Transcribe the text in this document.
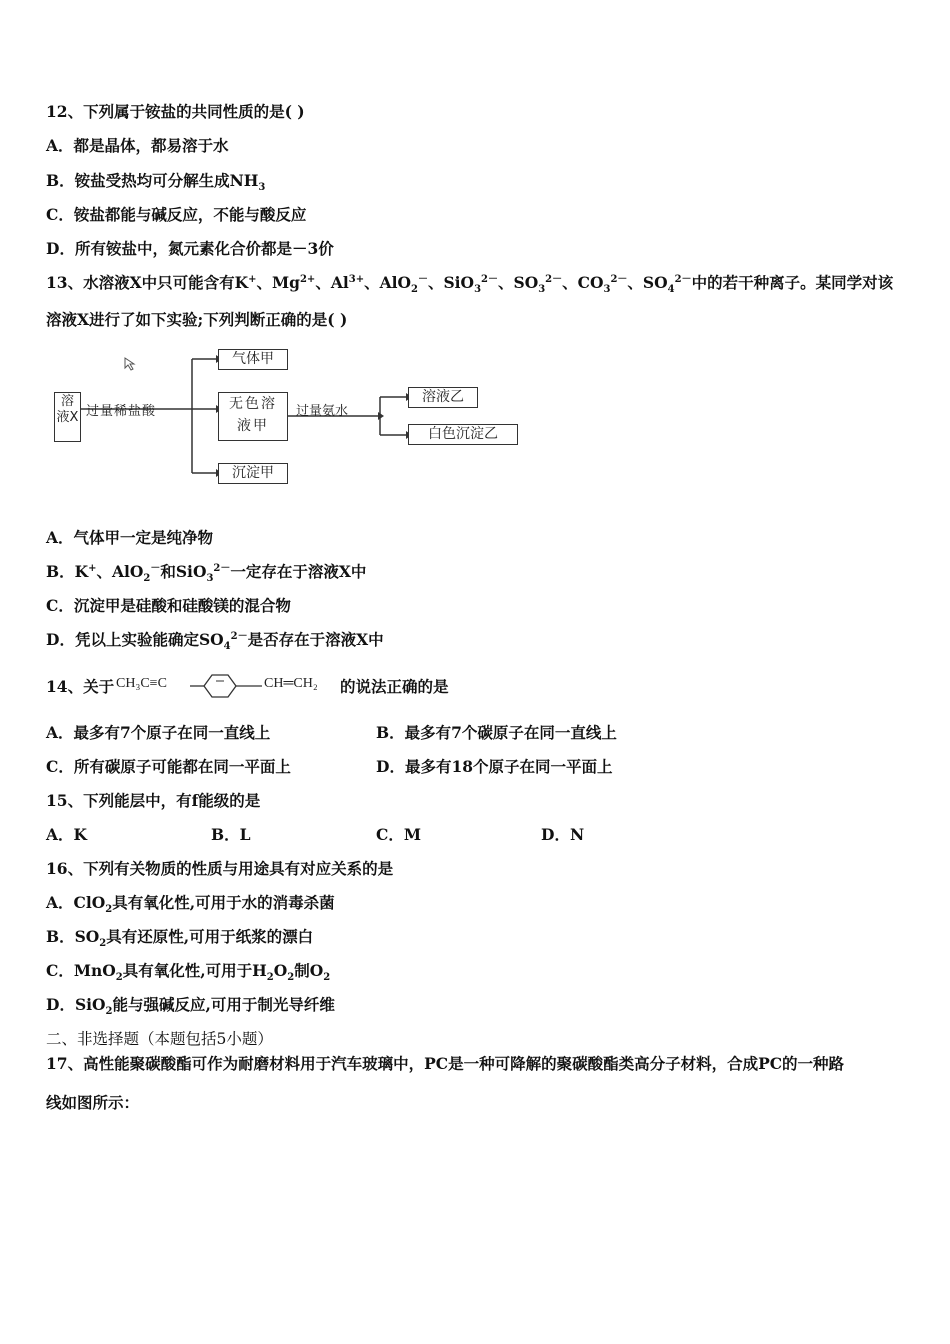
12、下列属于铵盐的共同性质的是( )
A．都是晶体，都易溶于水
B．铵盐受热均可分解生成$NH_3$
C．铵盐都能与碱反应，不能与酸反应
D．所有铵盐中，氮元素化合价都是－3价
13、水溶液X中只可能含有K+、$Mg^{2+}$、$Al^{3+}$、AlO$_2$－、SiO$_3^{2-}$、$SO_3^{2-}$、$CO_3^{2-}$、$SO_4^{2-}$中的若干种离子。某同学对该
溶液X进行了如下实验;下列判断正确的是( )
溶液X 过量稀盐酸
气体甲
无色溶液甲
沉淀甲
过量氨水
溶液乙
白色沉淀乙
A．气体甲一定是纯净物
B．K+、AlO$_2$－和SiO$_3^{2-}$一定存在于溶液X中
C．沉淀甲是硅酸和硅酸镁的混合物
D．凭以上实验能确定$SO_4^{2-}$是否存在于溶液X中
14、关于 CH₃C≡C	CH═CH₂ 的说法正确的是
A．最多有7个原子在同一直线上	B．最多有7个碳原子在同一直线上
C．所有碳原子可能都在同一平面上	D．最多有18个原子在同一平面上
15、下列能层中，有f能级的是
A．K	B．L	C．M	D．N
16、下列有关物质的性质与用途具有对应关系的是
A．ClO$_2$具有氧化性,可用于水的消毒杀菌
B．$SO_2$具有还原性,可用于纸浆的漂白
C．MnO$_2$具有氧化性,可用于$H_2O_2$制$O_2$
D．SiO$_2$能与强碱反应,可用于制光导纤维
二、非选择题（本题包括5小题）
17、高性能聚碳酸酯可作为耐磨材料用于汽车玻璃中，PC是一种可降解的聚碳酸酯类高分子材料，合成PC的一种路
线如图所示：
